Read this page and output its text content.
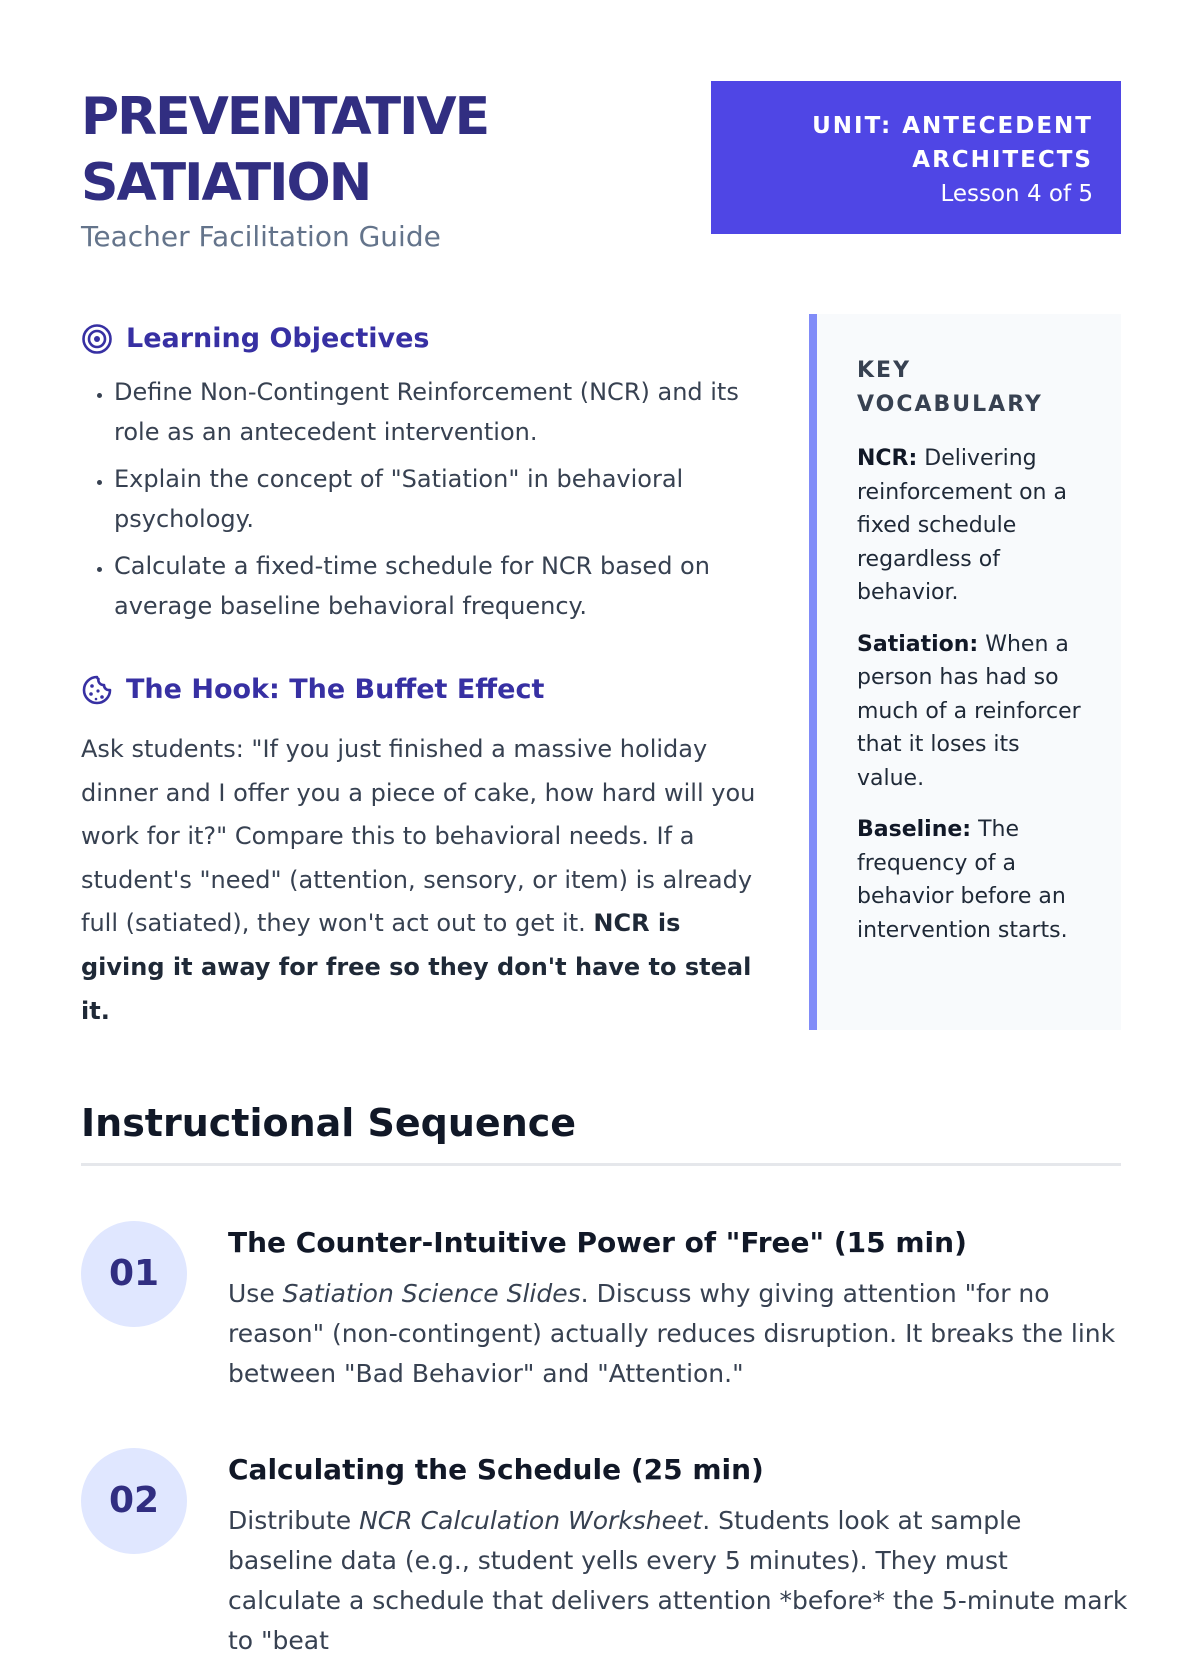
PREVENTATIVE
SATIATION
Teacher Facilitation Guide
UNIT: ANTECEDENT
ARCHITECTS
Lesson 4 of 5
Learning Objectives
• Define Non-Contingent Reinforcement (NCR) and its role as an antecedent intervention.
• Explain the concept of "Satiation" in behavioral psychology.
• Calculate a fixed-time schedule for NCR based on average baseline behavioral frequency.
The Hook: The Buffet Effect

Ask students: "If you just finished a massive holiday dinner and I offer you a piece of cake, how hard will you work for it?" Compare this to behavioral needs. If a student's "need" (attention, sensory, or item) is already full (satiated), they won't act out to get it. NCR is giving it away for free so they don't have to steal it.

KEY VOCABULARY

NCR: Delivering reinforcement on a fixed schedule regardless of behavior.

Satiation: When a person has had so much of a reinforcer that it loses its value.

Baseline: The frequency of a behavior before an intervention starts.

Instructional Sequence
01
The Counter-Intuitive Power of "Free" (15 min)

Use Satiation Science Slides. Discuss why giving attention "for no reason" (non-contingent) actually reduces disruption. It breaks the link between "Bad Behavior" and "Attention."

02
Calculating the Schedule (25 min)

Distribute NCR Calculation Worksheet. Students look at sample baseline data (e.g., student yells every 5 minutes). They must calculate a schedule that delivers attention *before* the 5-minute mark to "beat
